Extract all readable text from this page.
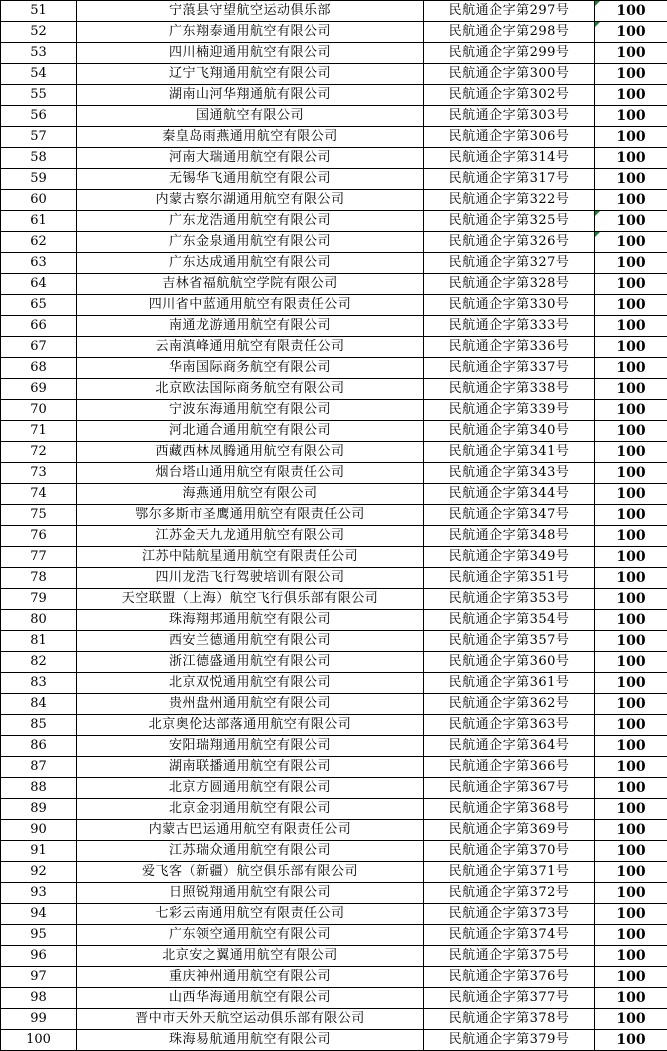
51	宁蒗县守望航空运动俱乐部	民航通企字第297号	100
52	广东翔泰通用航空有限公司	民航通企字第298号	100
53	四川楠迎通用航空有限公司	民航通企字第299号	100
54	辽宁飞翔通用航空有限公司	民航通企字第300号	100
55	湖南山河华翔通航有限公司	民航通企字第302号	100
56	国通航空有限公司	民航通企字第303号	100
57	秦皇岛雨燕通用航空有限公司	民航通企字第306号	100
58	河南大瑞通用航空有限公司	民航通企字第314号	100
59	无锡华飞通用航空有限公司	民航通企字第317号	100
60	内蒙古察尔湖通用航空有限公司	民航通企字第322号	100
61	广东龙浩通用航空有限公司	民航通企字第325号	100
62	广东金泉通用航空有限公司	民航通企字第326号	100
63	广东达成通用航空有限公司	民航通企字第327号	100
64	吉林省福航航空学院有限公司	民航通企字第328号	100
65	四川省中蓝通用航空有限责任公司	民航通企字第330号	100
66	南通龙游通用航空有限公司	民航通企字第333号	100
67	云南滇峰通用航空有限责任公司	民航通企字第336号	100
68	华南国际商务航空有限公司	民航通企字第337号	100
69	北京欧法国际商务航空有限公司	民航通企字第338号	100
70	宁波东海通用航空有限公司	民航通企字第339号	100
71	河北通合通用航空有限公司	民航通企字第340号	100
72	西藏西林凤腾通用航空有限公司	民航通企字第341号	100
73	烟台塔山通用航空有限责任公司	民航通企字第343号	100
74	海燕通用航空有限公司	民航通企字第344号	100
75	鄂尔多斯市圣鹰通用航空有限责任公司	民航通企字第347号	100
76	江苏金天九龙通用航空有限公司	民航通企字第348号	100
77	江苏中陆航星通用航空有限责任公司	民航通企字第349号	100
78	四川龙浩飞行驾驶培训有限公司	民航通企字第351号	100
79	天空联盟（上海）航空飞行俱乐部有限公司	民航通企字第353号	100
80	珠海翔邦通用航空有限公司	民航通企字第354号	100
81	西安兰德通用航空有限公司	民航通企字第357号	100
82	浙江德盛通用航空有限公司	民航通企字第360号	100
83	北京双悦通用航空有限公司	民航通企字第361号	100
84	贵州盘州通用航空有限公司	民航通企字第362号	100
85	北京奥伦达部落通用航空有限公司	民航通企字第363号	100
86	安阳瑞翔通用航空有限公司	民航通企字第364号	100
87	湖南联播通用航空有限公司	民航通企字第366号	100
88	北京方圆通用航空有限公司	民航通企字第367号	100
89	北京金羽通用航空有限公司	民航通企字第368号	100
90	内蒙古巴运通用航空有限责任公司	民航通企字第369号	100
91	江苏瑞众通用航空有限公司	民航通企字第370号	100
92	爱飞客（新疆）航空俱乐部有限公司	民航通企字第371号	100
93	日照锐翔通用航空有限公司	民航通企字第372号	100
94	七彩云南通用航空有限责任公司	民航通企字第373号	100
95	广东领空通用航空有限公司	民航通企字第374号	100
96	北京安之翼通用航空有限公司	民航通企字第375号	100
97	重庆神州通用航空有限公司	民航通企字第376号	100
98	山西华海通用航空有限公司	民航通企字第377号	100
99	晋中市天外天航空运动俱乐部有限公司	民航通企字第378号	100
100	珠海易航通用航空有限公司	民航通企字第379号	100
